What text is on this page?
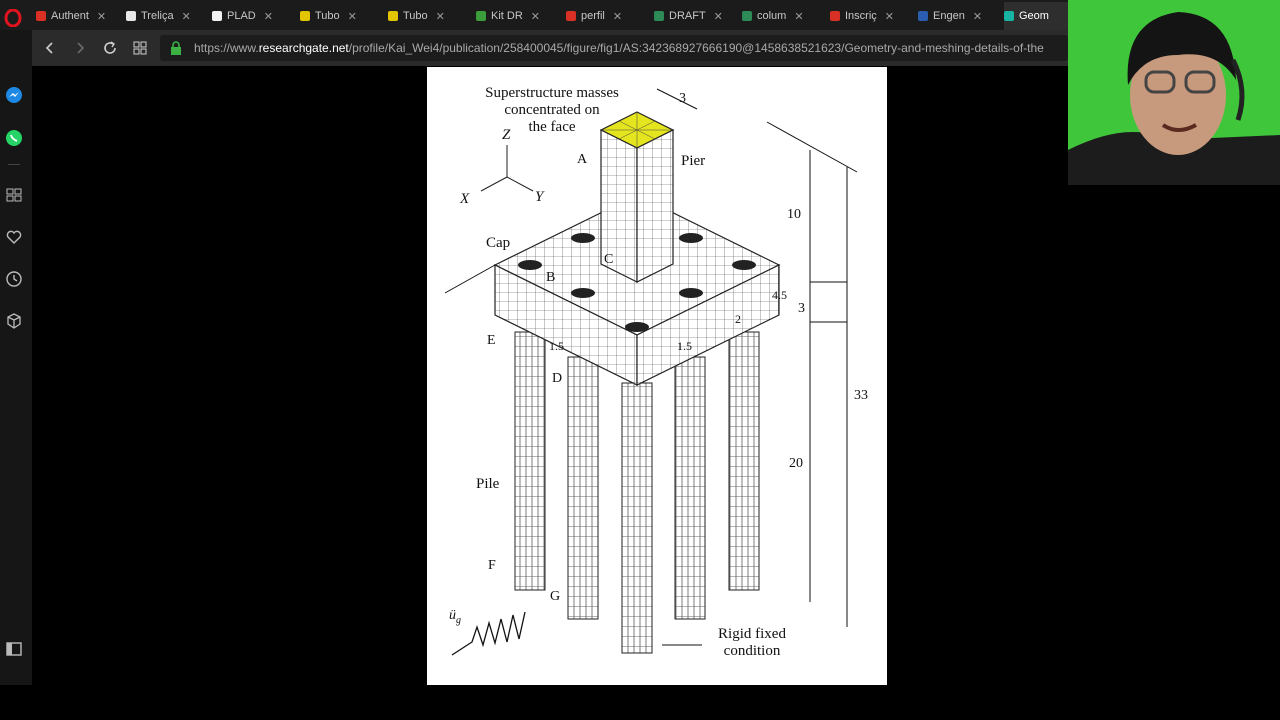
Authent ✕	Treliça ✕	PLAD ✕	Tubo ✕	Tubo ✕	Kit DR ✕	perfil ✕	DRAFT ✕	colum ✕	Inscriç ✕	Engen ✕	Geom
https://www.researchgate.net/profile/Kai_Wei4/publication/258400045/figure/fig1/AS:342368927666190@1458638521623/Geometry-and-meshing-details-of-the
Superstructure masses
concentrated on
the face
Pier
Cap
Pile
Rigid fixed
condition
$ü_g$
Z
X	Y
A
B
C
D
E
F
G
3
10
3
33
20
1.5	1.5
4.5
2
